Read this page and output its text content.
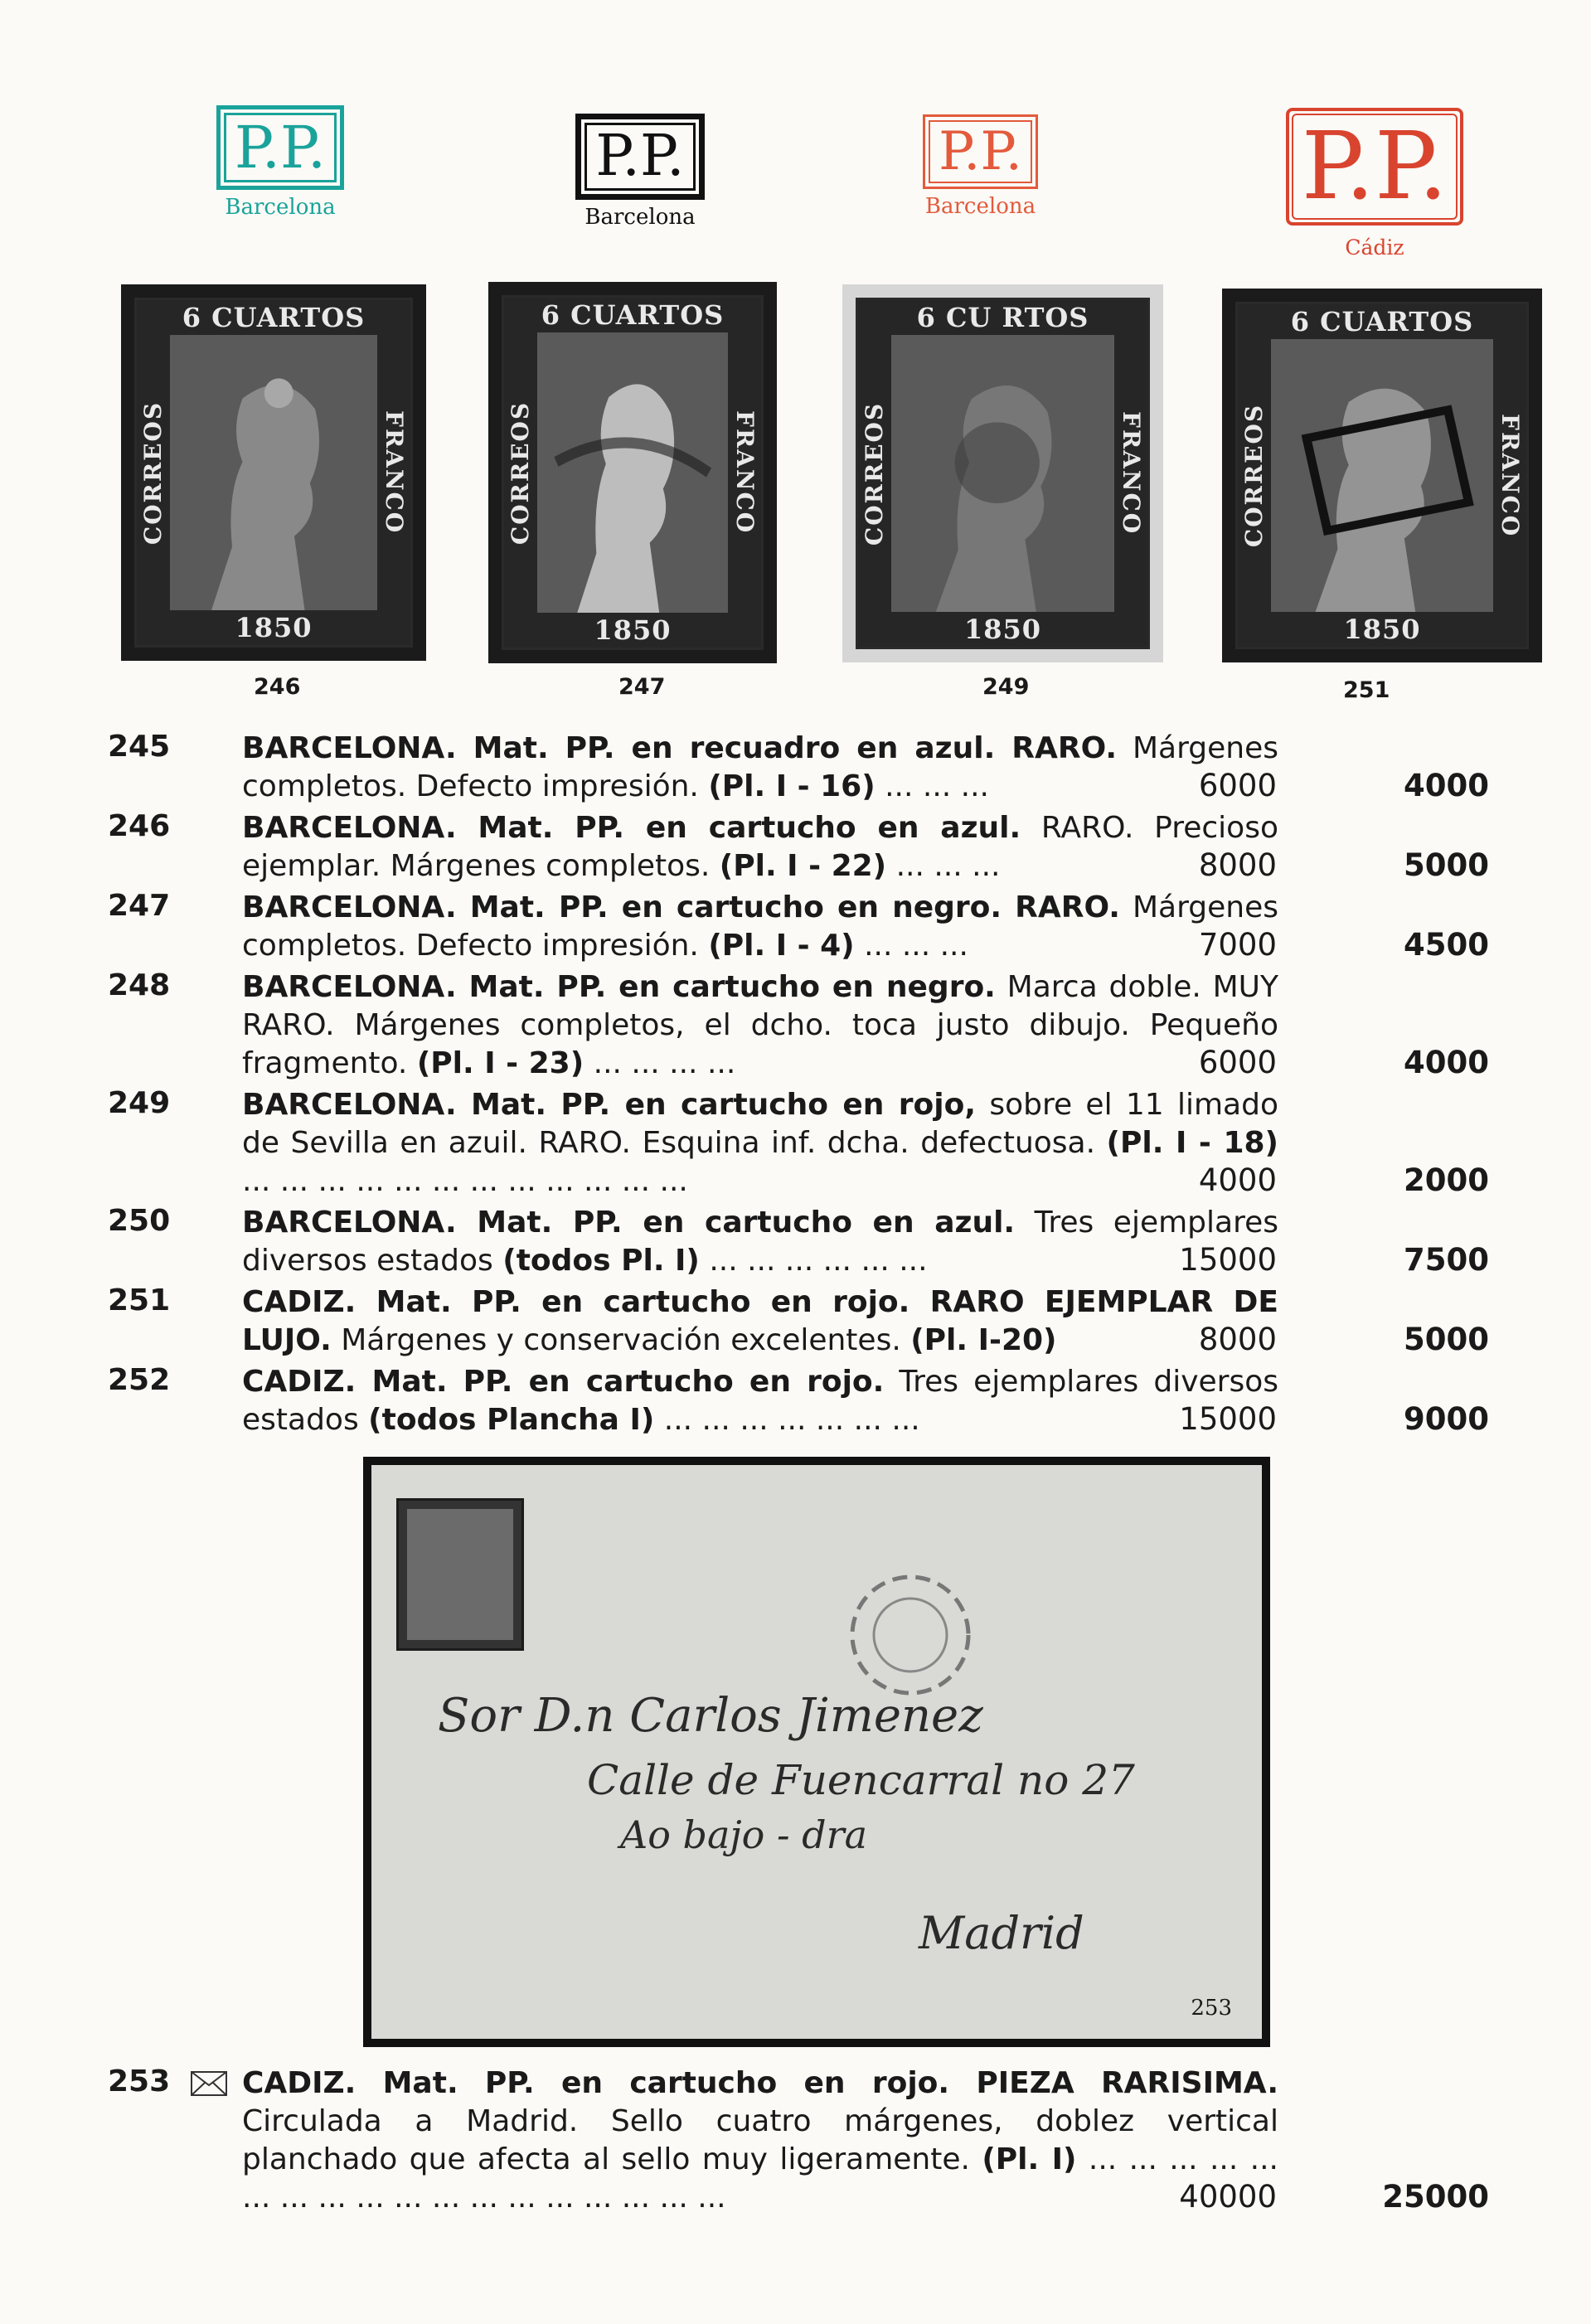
P.P.
Barcelona
P.P.
Barcelona
P.P.
Barcelona	P.P.
Cádiz
6 CUARTOS
CORREOS	FRANCO
1850
246
6 CUARTOS
CORREOS	FRANCO
1850
247
6 CU RTOS
CORREOS	FRANCO
1850
249
6 CUARTOS
CORREOS	FRANCO
1850
251
245 BARCELONA. Mat. PP. en recuadro en azul. RARO. Márgenes completos. Defecto impresión. (Pl. I - 16) ... ... ...	6000	4000
246 BARCELONA. Mat. PP. en cartucho en azul. RARO. Precioso ejemplar. Márgenes completos. (Pl. I - 22) ... ... ...	8000	5000
247 BARCELONA. Mat. PP. en cartucho en negro. RARO. Márgenes completos. Defecto impresión. (Pl. I - 4) ... ... ...	7000	4500
248 BARCELONA. Mat. PP. en cartucho en negro. Marca doble. MUY RARO. Márgenes completos, el dcho. toca justo dibujo. Pequeño fragmento. (Pl. I - 23) ... ... ... ...	6000	4000
249 BARCELONA. Mat. PP. en cartucho en rojo, sobre el 11 limado de Sevilla en azuil. RARO. Esquina inf. dcha. defectuosa. (Pl. I - 18) ... ... ... ... ... ... ... ... ... ... ... ...	4000	2000
250 BARCELONA. Mat. PP. en cartucho en azul. Tres ejemplares diversos estados (todos Pl. I) ... ... ... ... ... ...	15000	7500
251 CADIZ. Mat. PP. en cartucho en rojo. RARO EJEMPLAR DE LUJO. Márgenes y conservación excelentes. (Pl. I-20)	8000	5000
252 CADIZ. Mat. PP. en cartucho en rojo. Tres ejemplares diversos estados (todos Plancha I) ... ... ... ... ... ... ...	15000	9000
Sor D.n Carlos Jimenez
Calle de Fuencarral no 27
Ao bajo - dra
Madrid
253
253 CADIZ. Mat. PP. en cartucho en rojo. PIEZA RARISIMA. Circulada a Madrid. Sello cuatro márgenes, doblez vertical planchado que afecta al sello muy ligeramente. (Pl. I) ... ... ... ... ... ... ... ... ... ... ... ... ... ... ... ... ... ...	40000	25000
